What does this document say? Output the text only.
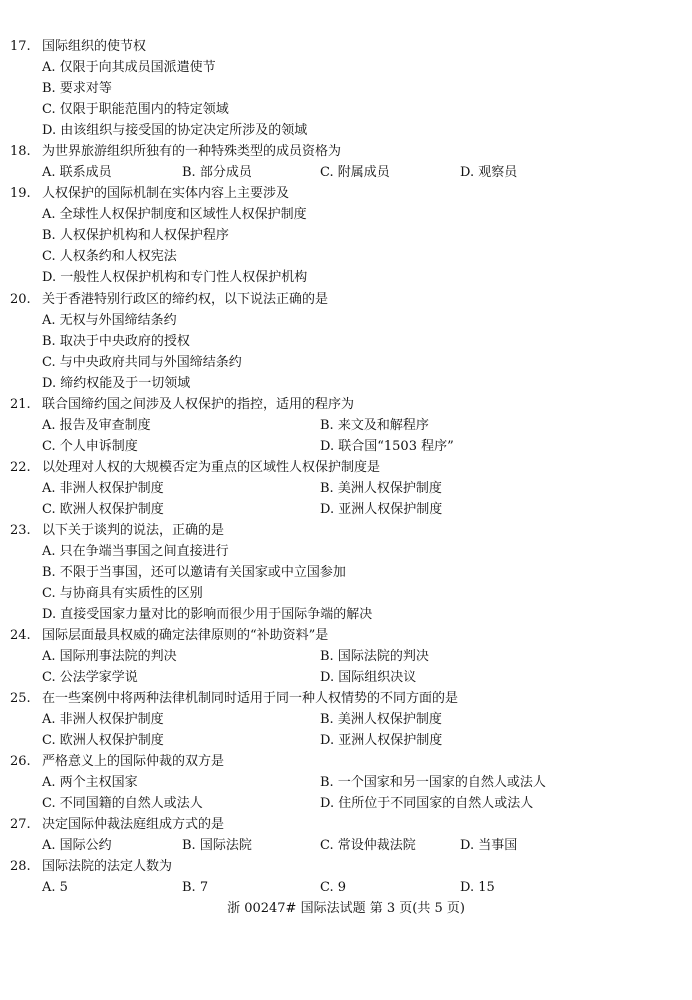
17. 国际组织的使节权
A. 仅限于向其成员国派遣使节
B. 要求对等
C. 仅限于职能范围内的特定领域
D. 由该组织与接受国的协定决定所涉及的领域
18. 为世界旅游组织所独有的一种特殊类型的成员资格为
A. 联系成员	B. 部分成员	C. 附属成员	D. 观察员
19. 人权保护的国际机制在实体内容上主要涉及
A. 全球性人权保护制度和区域性人权保护制度
B. 人权保护机构和人权保护程序
C. 人权条约和人权宪法
D. 一般性人权保护机构和专门性人权保护机构
20. 关于香港特别行政区的缔约权，以下说法正确的是
A. 无权与外国缔结条约
B. 取决于中央政府的授权
C. 与中央政府共同与外国缔结条约
D. 缔约权能及于一切领域
21. 联合国缔约国之间涉及人权保护的指控，适用的程序为
A. 报告及审查制度	B. 来文及和解程序
C. 个人申诉制度	D. 联合国“1503 程序”
22. 以处理对人权的大规模否定为重点的区域性人权保护制度是
A. 非洲人权保护制度	B. 美洲人权保护制度
C. 欧洲人权保护制度	D. 亚洲人权保护制度
23. 以下关于谈判的说法，正确的是
A. 只在争端当事国之间直接进行
B. 不限于当事国，还可以邀请有关国家或中立国参加
C. 与协商具有实质性的区别
D. 直接受国家力量对比的影响而很少用于国际争端的解决
24. 国际层面最具权威的确定法律原则的“补助资料”是
A. 国际刑事法院的判决	B. 国际法院的判决
C. 公法学家学说	D. 国际组织决议
25. 在一些案例中将两种法律机制同时适用于同一种人权情势的不同方面的是
A. 非洲人权保护制度	B. 美洲人权保护制度
C. 欧洲人权保护制度	D. 亚洲人权保护制度
26. 严格意义上的国际仲裁的双方是
A. 两个主权国家	B. 一个国家和另一国家的自然人或法人
C. 不同国籍的自然人或法人	D. 住所位于不同国家的自然人或法人
27. 决定国际仲裁法庭组成方式的是
A. 国际公约	B. 国际法院	C. 常设仲裁法院	D. 当事国
28. 国际法院的法定人数为
A. 5	B. 7	C. 9	D. 15
浙 00247# 国际法试题 第 3 页(共 5 页)
